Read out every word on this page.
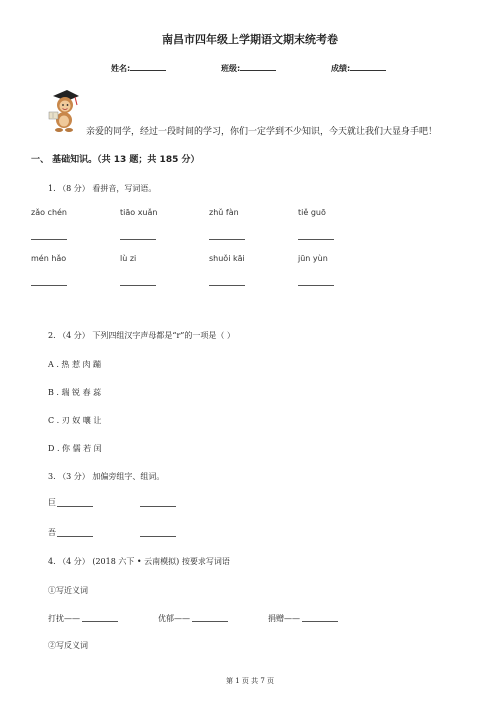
南昌市四年级上学期语文期末统考卷
姓名:	班级:	成绩:
亲爱的同学，经过一段时间的学习，你们一定学到不少知识，今天就让我们大显身手吧！
一、 基础知识。（共 13 题；共 185 分）
1. （8 分） 看拼音，写词语。
zǎo chén	tiāo xuǎn	zhǔ fàn	tiě guō
mén hǎo	lù zi	shuǒi kāi	jūn yùn
2. （4 分） 下列四组汉字声母都是“r”的一项是（ ）
A . 热 惹 肉 蹦
B . 瑞 锐 春 蕊
C . 刃 奴 嚷 让
D . 你 儒 若 闰
3. （3 分） 加偏旁组字、组词。
巨
吾
4. （4 分） (2018 六下 • 云南模拟) 按要求写词语
①写近义词
打扰——	优郁——	捐赠——
②写反义词
第 1 页 共 7 页
